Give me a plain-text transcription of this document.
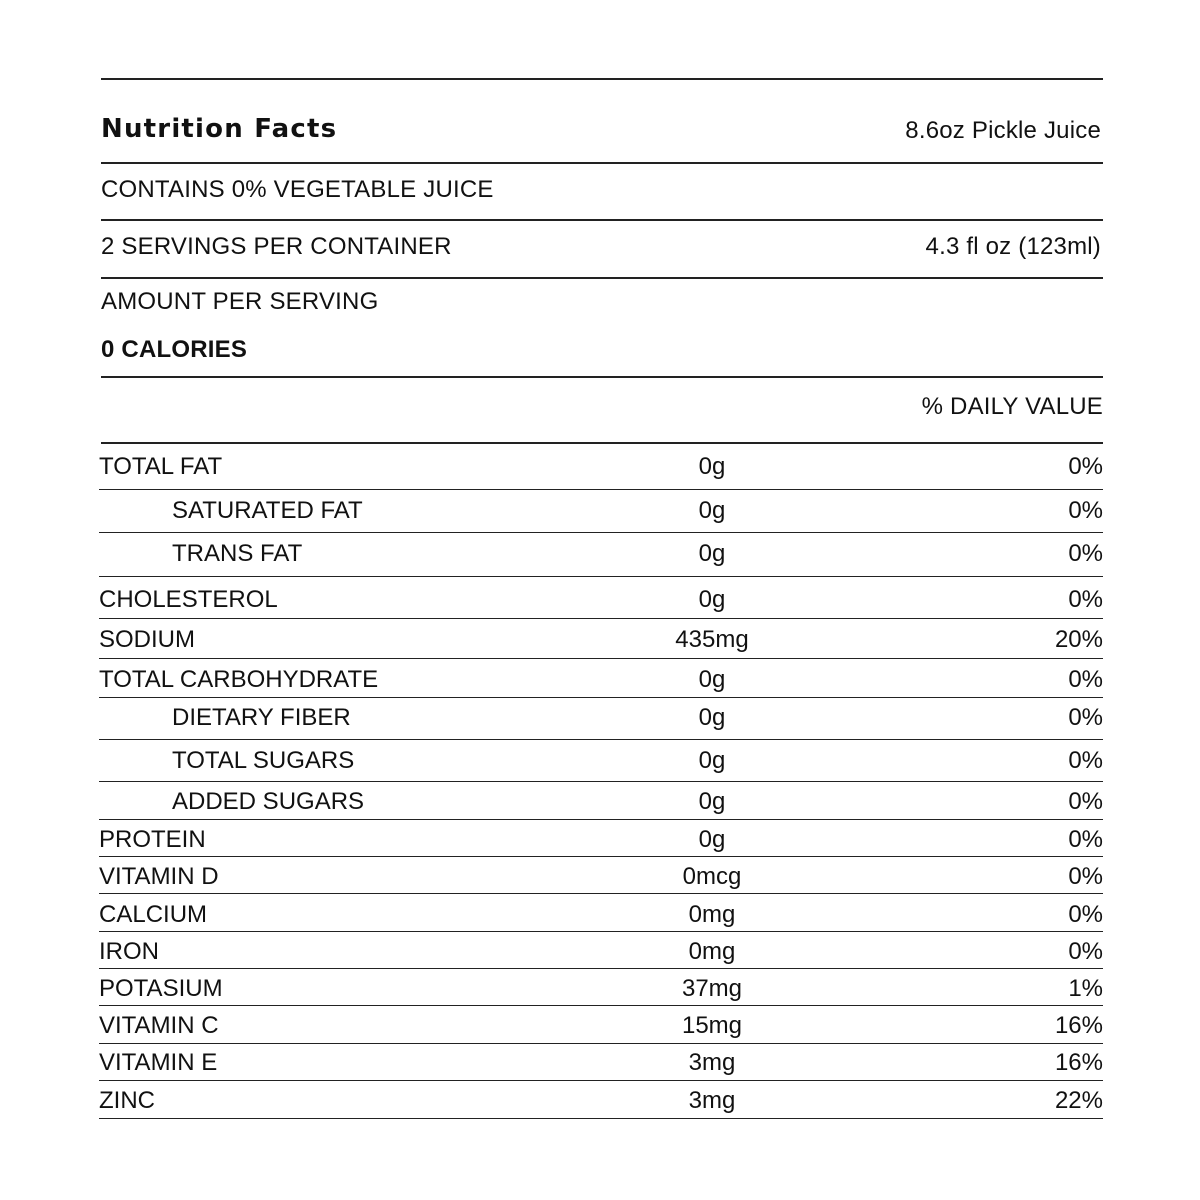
Nutrition Facts	8.6oz Pickle Juice
CONTAINS 0% VEGETABLE JUICE
2 SERVINGS PER CONTAINER	4.3 fl oz (123ml)
AMOUNT PER SERVING
0 CALORIES
% DAILY VALUE
TOTAL FAT	0g	0%
SATURATED FAT	0g	0%
TRANS FAT	0g	0%
CHOLESTEROL	0g	0%
SODIUM	435mg	20%
TOTAL CARBOHYDRATE	0g	0%
DIETARY FIBER	0g	0%
TOTAL SUGARS	0g	0%
ADDED SUGARS	0g	0%
PROTEIN	0g	0%
VITAMIN D	0mcg	0%
CALCIUM	0mg	0%
IRON	0mg	0%
POTASIUM	37mg	1%
VITAMIN C	15mg	16%
VITAMIN E	3mg	16%
ZINC	3mg	22%
